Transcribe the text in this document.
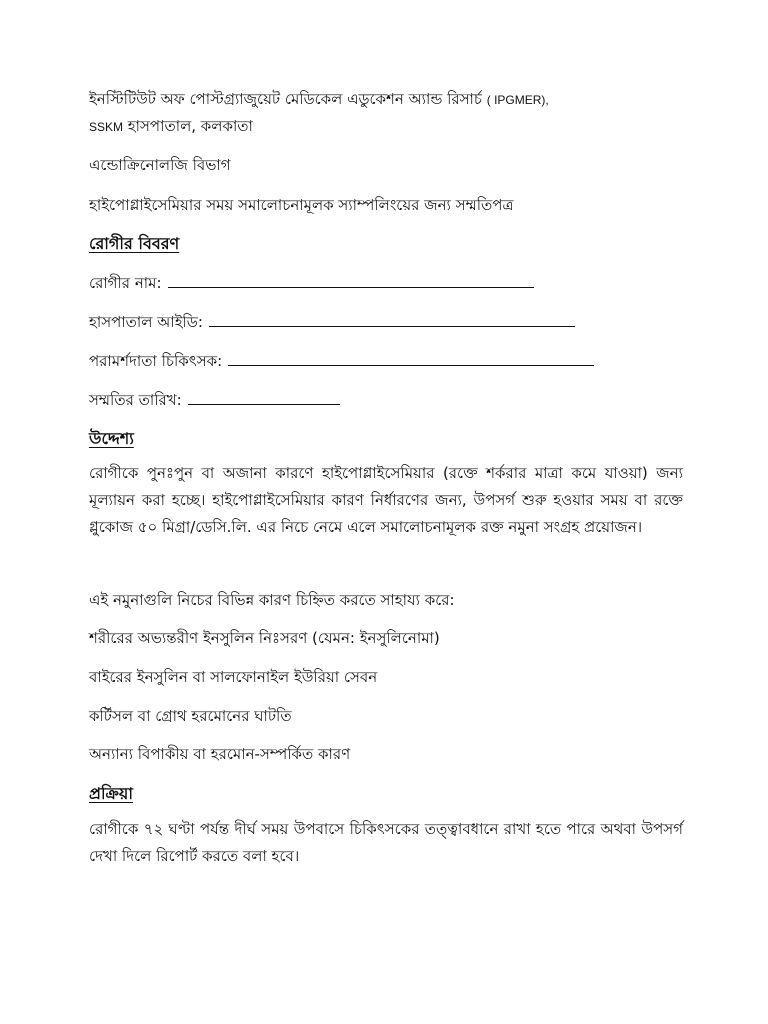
ইনস্টিটিউট অফ পোস্টগ্র্যাজুয়েট মেডিকেল এডুকেশন অ্যান্ড রিসার্চ ( IPGMER),

SSKM হাসপাতাল, কলকাতা

এন্ডোক্রিনোলজি বিভাগ

হাইপোগ্লাইসেমিয়ার সময় সমালোচনামূলক স্যাম্পলিংয়ের জন্য সম্মতিপত্র

রোগীর বিবরণ
রোগীর নাম:
হাসপাতাল আইডি:
পরামর্শদাতা চিকিৎসক:
সম্মতির তারিখ:
উদ্দেশ্য

রোগীকে পুনঃপুন বা অজানা কারণে হাইপোগ্লাইসেমিয়ার (রক্তে শর্করার মাত্রা কমে যাওয়া) জন্য মূল্যায়ন করা হচ্ছে। হাইপোগ্লাইসেমিয়ার কারণ নির্ধারণের জন্য, উপসর্গ শুরু হওয়ার সময় বা রক্তে গ্লুকোজ ৫০ মিগ্রা/ডেসি.লি. এর নিচে নেমে এলে সমালোচনামূলক রক্ত নমুনা সংগ্রহ প্রয়োজন।

এই নমুনাগুলি নিচের বিভিন্ন কারণ চিহ্নিত করতে সাহায্য করে:

শরীরের অভ্যন্তরীণ ইনসুলিন নিঃসরণ (যেমন: ইনসুলিনোমা)

বাইরের ইনসুলিন বা সালফোনাইল ইউরিয়া সেবন

কর্টিসল বা গ্রোথ হরমোনের ঘাটতি

অন্যান্য বিপাকীয় বা হরমোন-সম্পর্কিত কারণ

প্রক্রিয়া

রোগীকে ৭২ ঘণ্টা পর্যন্ত দীর্ঘ সময় উপবাসে চিকিৎসকের তত্ত্বাবধানে রাখা হতে পারে অথবা উপসর্গ দেখা দিলে রিপোর্ট করতে বলা হবে।
